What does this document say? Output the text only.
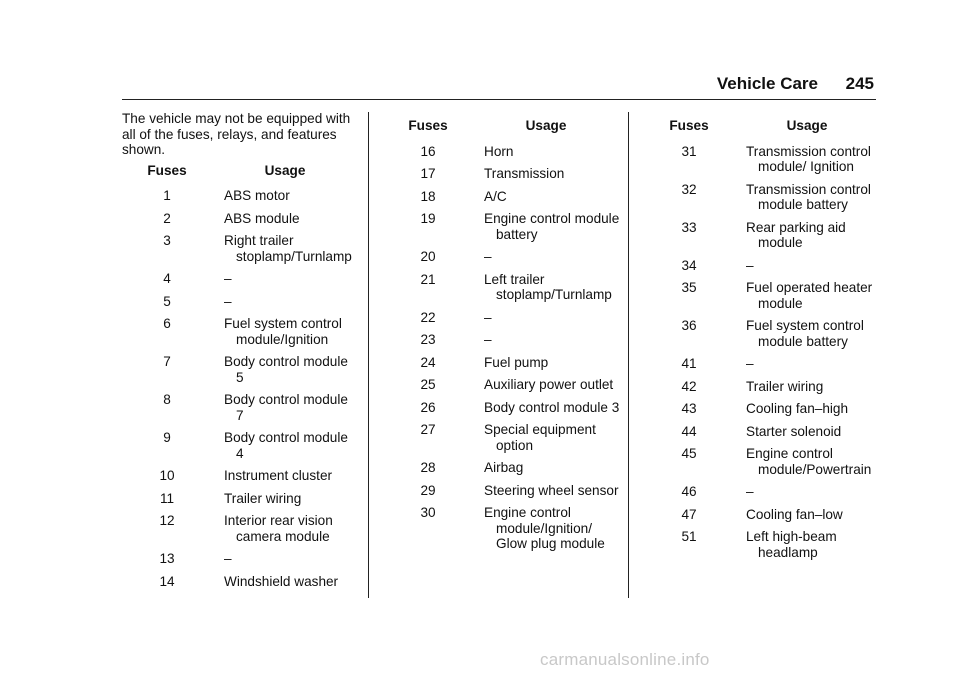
Vehicle Care 245

The vehicle may not be equipped with all of the fuses, relays, and features shown.

Fuses	Usage
1	ABS motor

2	ABS module

3	Right trailer stoplamp/Turnlamp

4	–

5	–

6	Fuel system control module/Ignition

7	Body control module 5

8	Body control module 7

9	Body control module 4

10	Instrument cluster

11	Trailer wiring

12	Interior rear vision camera module

13	–

14	Windshield washer
Fuses	Usage
16	Horn

17	Transmission

18	A/C

19	Engine control module battery

20	–

21	Left trailer stoplamp/Turnlamp

22	–

23	–

24	Fuel pump

25	Auxiliary power outlet

26	Body control module 3

27	Special equipment option

28	Airbag

29	Steering wheel sensor

30	Engine control module/Ignition/ Glow plug module
Fuses	Usage
31	Transmission control module/ Ignition

32	Transmission control module battery

33	Rear parking aid module

34	–

35	Fuel operated heater module

36	Fuel system control module battery

41	–

42	Trailer wiring

43	Cooling fan–high

44	Starter solenoid

45	Engine control module/Powertrain

46	–

47	Cooling fan–low

51	Left high-beam headlamp
carmanualsonline.info
